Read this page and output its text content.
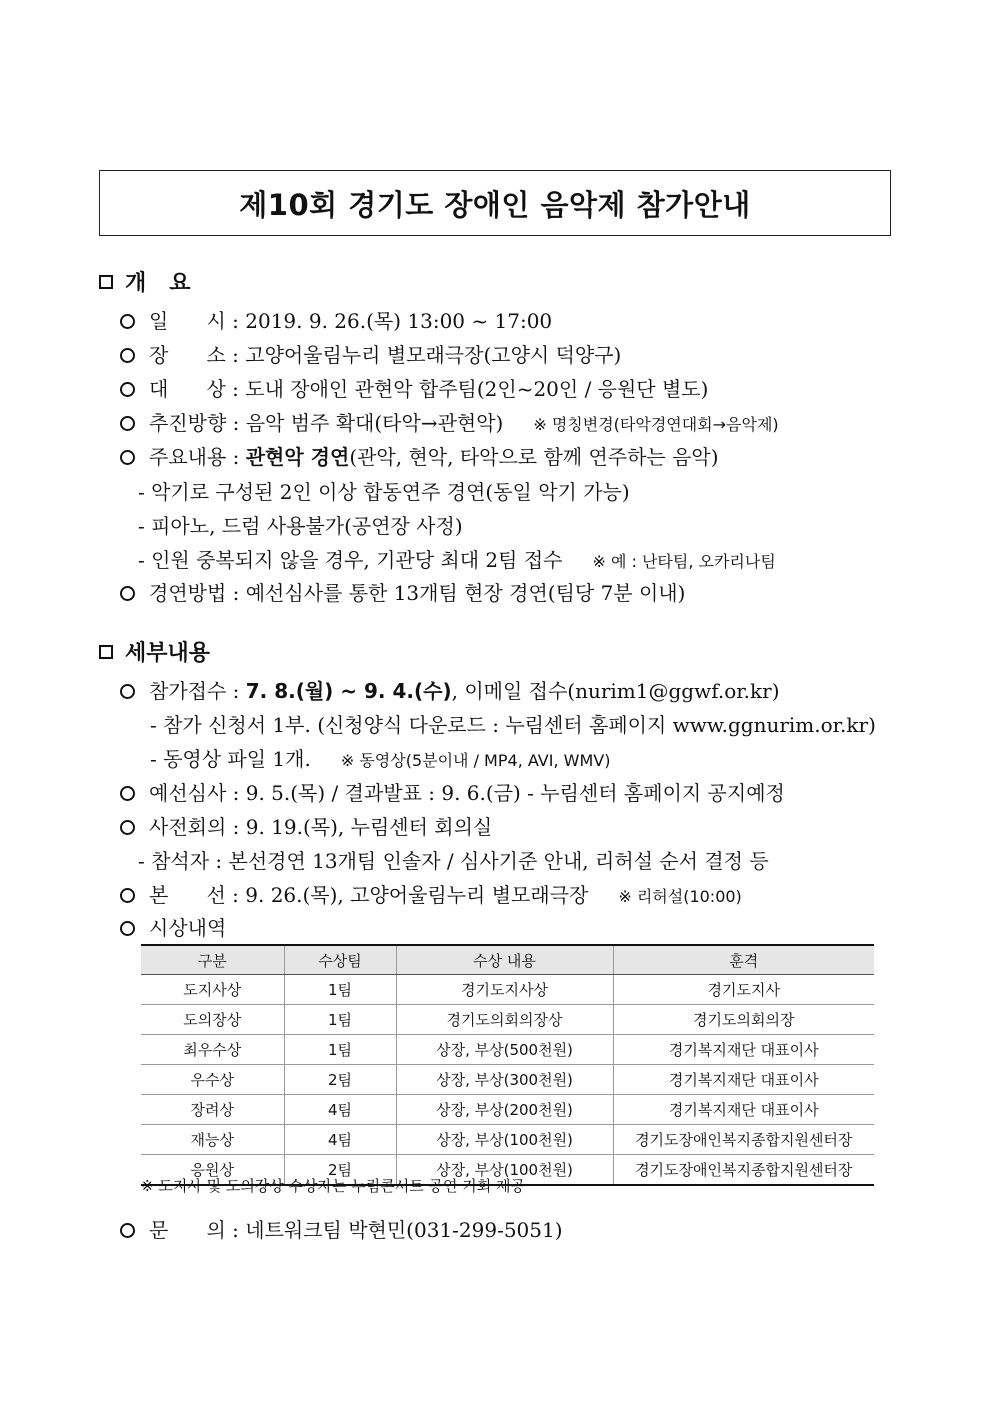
제10회 경기도 장애인 음악제 참가안내
개   요
일      시 : 2019. 9. 26.(목) 13:00 ~ 17:00
장      소 : 고양어울림누리 별모래극장(고양시 덕양구)
대      상 : 도내 장애인 관현악 합주팀(2인~20인 / 응원단 별도)
추진방향 : 음악 범주 확대(타악→관현악) ※ 명칭변경(타악경연대회→음악제)
주요내용 : 관현악 경연 (관악, 현악, 타악으로 함께 연주하는 음악)
- 악기로 구성된 2인 이상 합동연주 경연(동일 악기 가능)
- 피아노, 드럼 사용불가(공연장 사정)
- 인원 중복되지 않을 경우, 기관당 최대 2팀 접수 ※ 예 : 난타팀, 오카리나팀
경연방법 : 예선심사를 통한 13개팀 현장 경연(팀당 7분 이내)
세부내용
참가접수 : 7. 8.(월) ~ 9. 4.(수) , 이메일 접수(nurim1@ggwf.or.kr)
- 참가 신청서 1부. (신청양식 다운로드 : 누림센터 홈페이지 www.ggnurim.or.kr)
- 동영상 파일 1개. ※ 동영상(5분이내 / MP4, AVI, WMV)
예선심사 : 9. 5.(목) / 결과발표 : 9. 6.(금) - 누림센터 홈페이지 공지예정
사전회의 : 9. 19.(목), 누림센터 회의실
- 참석자 : 본선경연 13개팀 인솔자 / 심사기준 안내, 리허설 순서 결정 등
본      선 : 9. 26.(목), 고양어울림누리 별모래극장 ※ 리허설(10:00)
시상내역
구분	수상팀	수상 내용	훈격
도지사상	1팀	경기도지사상	경기도지사
도의장상	1팀	경기도의회의장상	경기도의회의장
최우수상	1팀	상장, 부상(500천원)	경기복지재단 대표이사
우수상	2팀	상장, 부상(300천원)	경기복지재단 대표이사
장려상	4팀	상장, 부상(200천원)	경기복지재단 대표이사
재능상	4팀	상장, 부상(100천원)	경기도장애인복지종합지원센터장
응원상	2팀	상장, 부상(100천원)	경기도장애인복지종합지원센터장
※ 도지사 및 도의장상 수상자는 누림콘서트 공연 기회 제공
문      의 : 네트워크팀 박현민(031-299-5051)
